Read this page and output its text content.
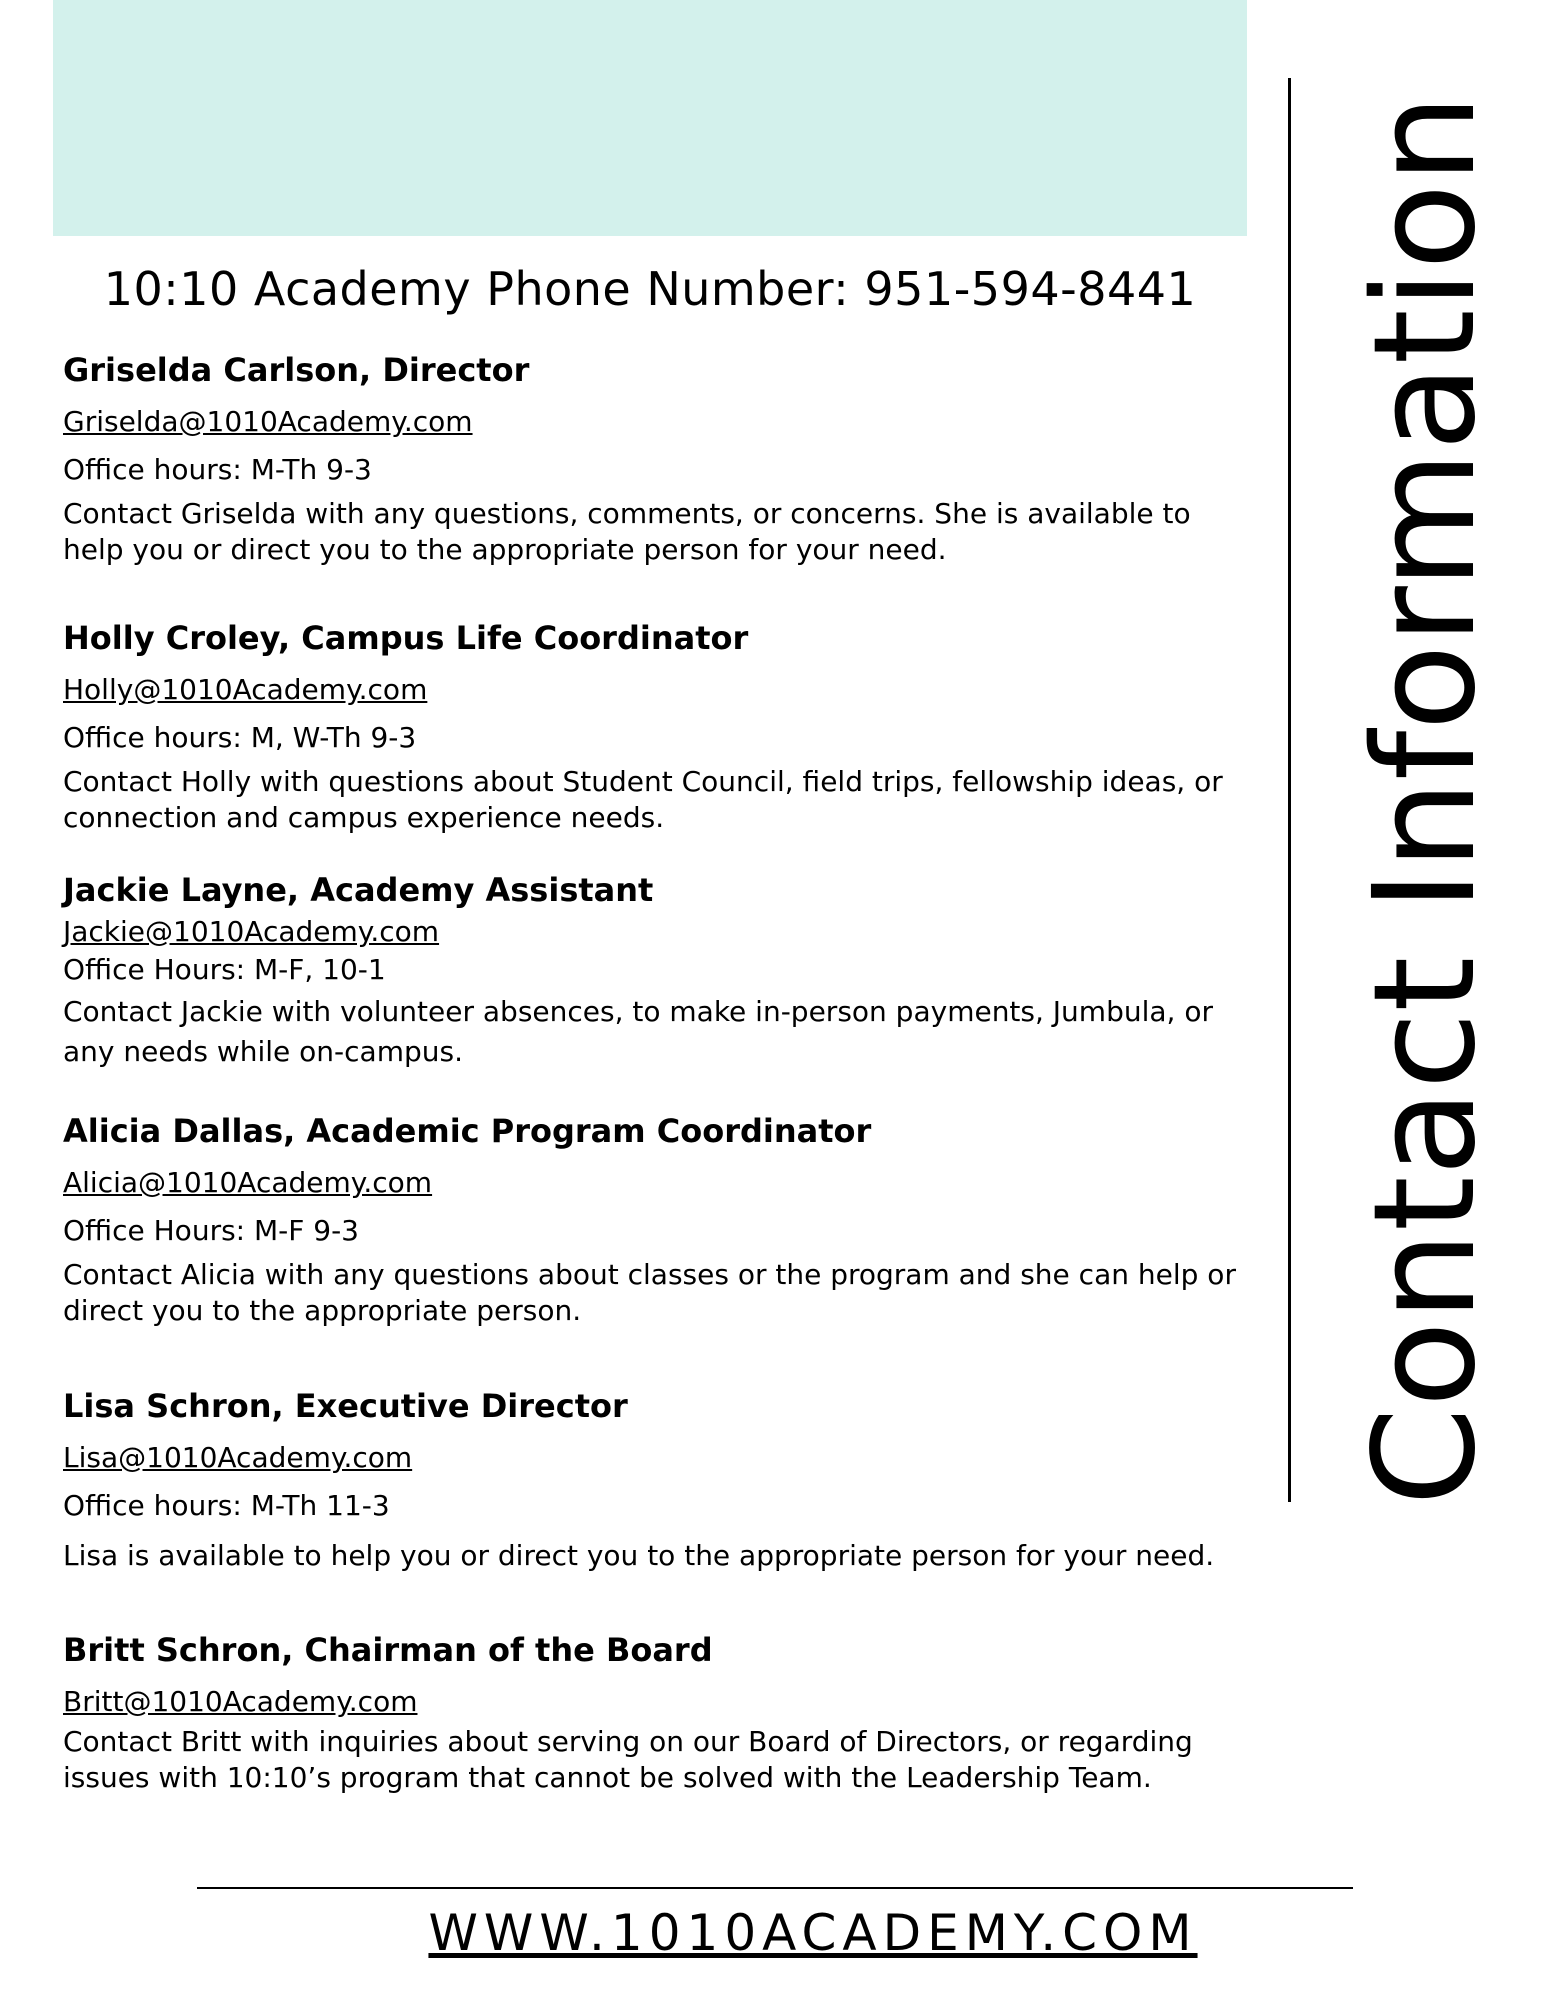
10:10 Academy Phone Number: 951-594-8441
Griselda Carlson, Director
Griselda@1010Academy.com
Office hours: M-Th 9-3

Contact Griselda with any questions, comments, or concerns. She is available to help you or direct you to the appropriate person for your need.

Holly Croley, Campus Life Coordinator
Holly@1010Academy.com
Office hours: M, W-Th 9-3

Contact Holly with questions about Student Council, field trips, fellowship ideas, or connection and campus experience needs.

Jackie Layne, Academy Assistant
Jackie@1010Academy.com
Office Hours: M-F, 10-1

Contact Jackie with volunteer absences, to make in-person payments, Jumbula, or any needs while on-campus.

Alicia Dallas, Academic Program Coordinator
Alicia@1010Academy.com
Office Hours: M-F 9-3

Contact Alicia with any questions about classes or the program and she can help or direct you to the appropriate person.

Lisa Schron, Executive Director
Lisa@1010Academy.com
Office hours: M-Th 11-3

Lisa is available to help you or direct you to the appropriate person for your need.

Britt Schron, Chairman of the Board
Britt@1010Academy.com

Contact Britt with inquiries about serving on our Board of Directors, or regarding issues with 10:10’s program that cannot be solved with the Leadership Team.

Contact Information
WWW.1010ACADEMY.COM
